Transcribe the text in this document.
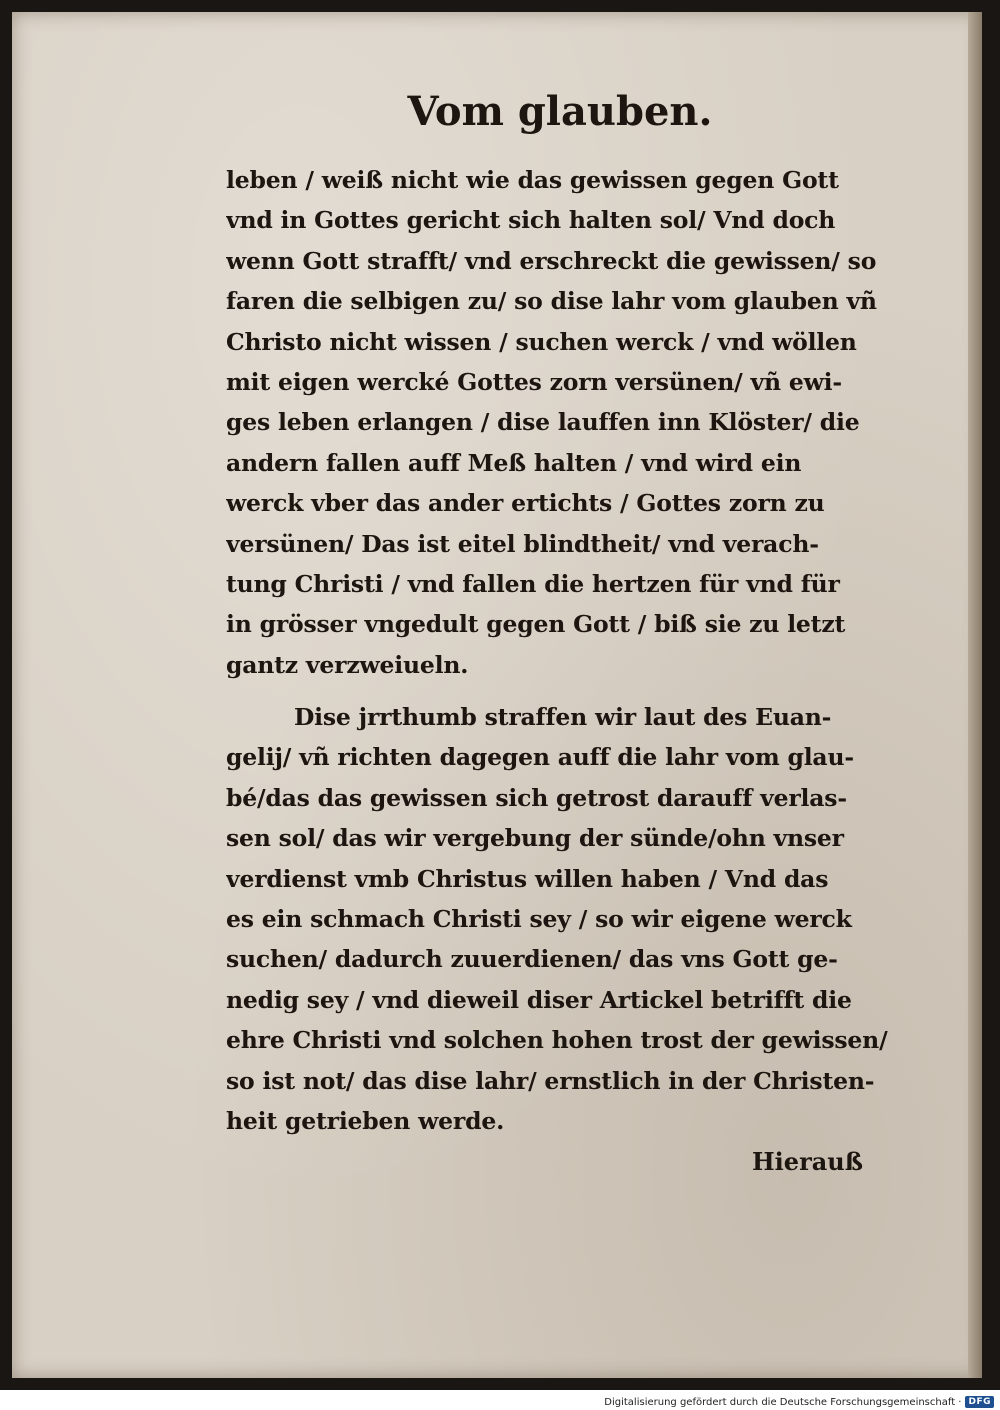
Vom glauben.
leben / weiß nicht wie das gewissen gegen Gott
vnd in Gottes gericht sich halten sol/ Vnd doch
wenn Gott strafft/ vnd erschreckt die gewissen/ so
faren die selbigen zu/ so dise lahr vom glauben vñ
Christo nicht wissen / suchen werck / vnd wöllen
mit eigen wercké Gottes zorn versünen/ vñ ewi-
ges leben erlangen / dise lauffen inn Klöster/ die
andern fallen auff Meß halten / vnd wird ein
werck vber das ander ertichts / Gottes zorn zu
versünen/ Das ist eitel blindtheit/ vnd verach-
tung Christi / vnd fallen die hertzen für vnd für
in grösser vngedult gegen Gott / biß sie zu letzt
gantz verzweiueln.
Dise jrrthumb straffen wir laut des Euan-
gelij/ vñ richten dagegen auff die lahr vom glau-
bé/das das gewissen sich getrost darauff verlas-
sen sol/ das wir vergebung der sünde/ohn vnser
verdienst vmb Christus willen haben / Vnd das
es ein schmach Christi sey / so wir eigene werck
suchen/ dadurch zuuerdienen/ das vns Gott ge-
nedig sey / vnd dieweil diser Artickel betrifft die
ehre Christi vnd solchen hohen trost der gewissen/
so ist not/ das dise lahr/ ernstlich in der Christen-
heit getrieben werde.
Hierauß
Digitalisierung gefördert durch die Deutsche Forschungsgemeinschaft · DFG
